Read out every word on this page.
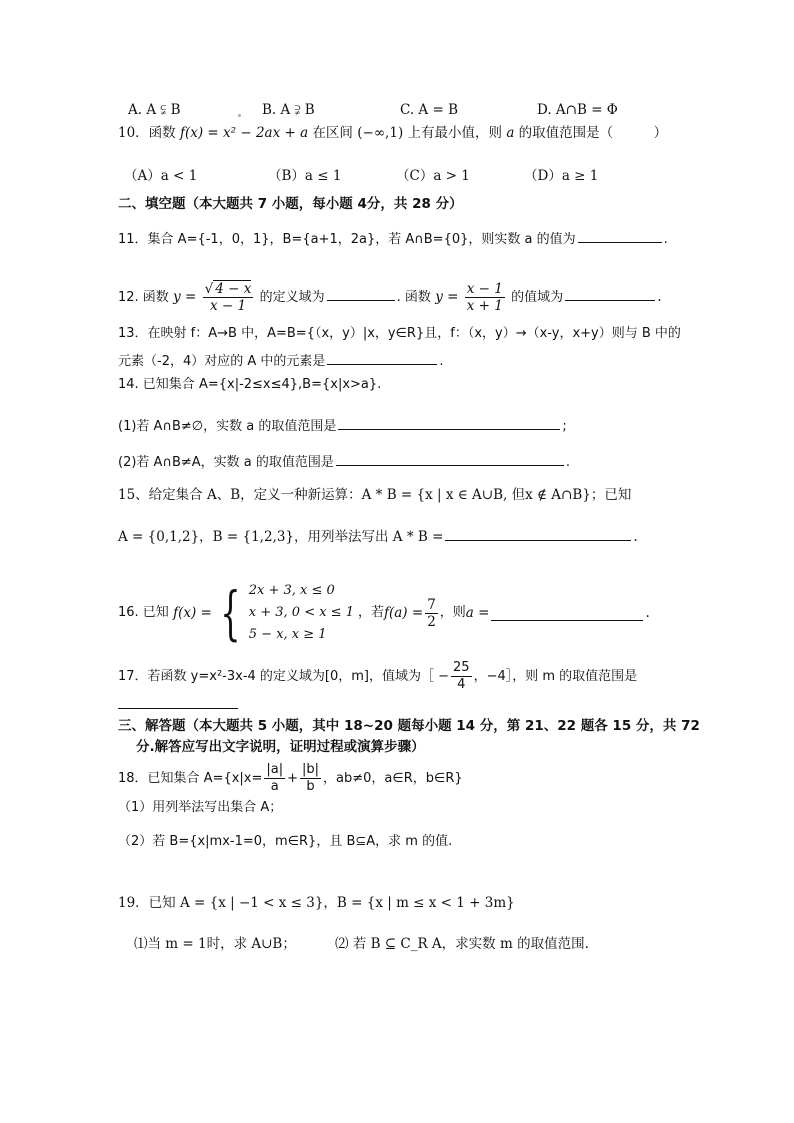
A. A ⫋ B	B. A ⫌ B	C. A = B	D. A∩B = Φ
10．函数 f(x) = x² − 2ax + a 在区间 (−∞,1) 上有最小值，则 a 的取值范围是（　　　）
（A）a < 1	（B）a ≤ 1	（C）a > 1	（D）a ≥ 1
二、填空题（本大题共 7 小题，每小题 4分，共 28 分）
11．集合 A={-1，0，1}，B={a+1，2a}，若 A∩B={0}，则实数 a 的值为	.
12. 函数 $y = \frac{√ 4 - x}{x - 1}$ 的定义域为	. 函数 $y = \frac{x - 1}{x + 1}$ 的值域为	.
13．在映射 f：A→B 中，A=B={（x，y）|x，y∈R}且，f：（x，y）→（x-y，x+y）则与 B 中的
元素（-2，4）对应的 A 中的元素是	.
14. 已知集合 A={x|-2≤x≤4},B={x|x>a}.
(1)若 A∩B≠∅，实数 a 的取值范围是	;
(2)若 A∩B≠A，实数 a 的取值范围是	.
15、给定集合 A、B，定义一种新运算：A * B = {x | x ∈ A∪B, 但x ∉ A∩B}；已知
A = {0,1,2}，B = {1,2,3}，用列举法写出 A * B =	.
16. 已知
f(x) = { 2x + 3, x ≤ 0
x + 3, 0 < x ≤ 1
5 − x, x ≥ 1
，若 $f(a) = \frac{7}{2}$ ，则 a =	.
17．若函数 y=x²-3x-4 的定义域为[0，m]，值域为［ − $\frac{25}{4}$ ，−4］，则 m 的取值范围是
三、解答题（本大题共 5 小题，其中 18~20 题每小题 14 分，第 21、22 题各 15 分，共 72
分.解答应写出文字说明，证明过程或演算步骤）
18．已知集合 $A=\{x|x= \frac{|a|}{a} + \frac{|b|}{b}$ ，ab≠0，a∈R，b∈R}
（1）用列举法写出集合 A；
（2）若 B={x|mx-1=0，m∈R}，且 B⊆A，求 m 的值.
19．已知 A = {x | −1 < x ≤ 3}，B = {x | m ≤ x < 1 + 3m}
⑴当 m = 1时，求 A∪B；	⑵ 若 B ⊆ C_R A，求实数 m 的取值范围.
